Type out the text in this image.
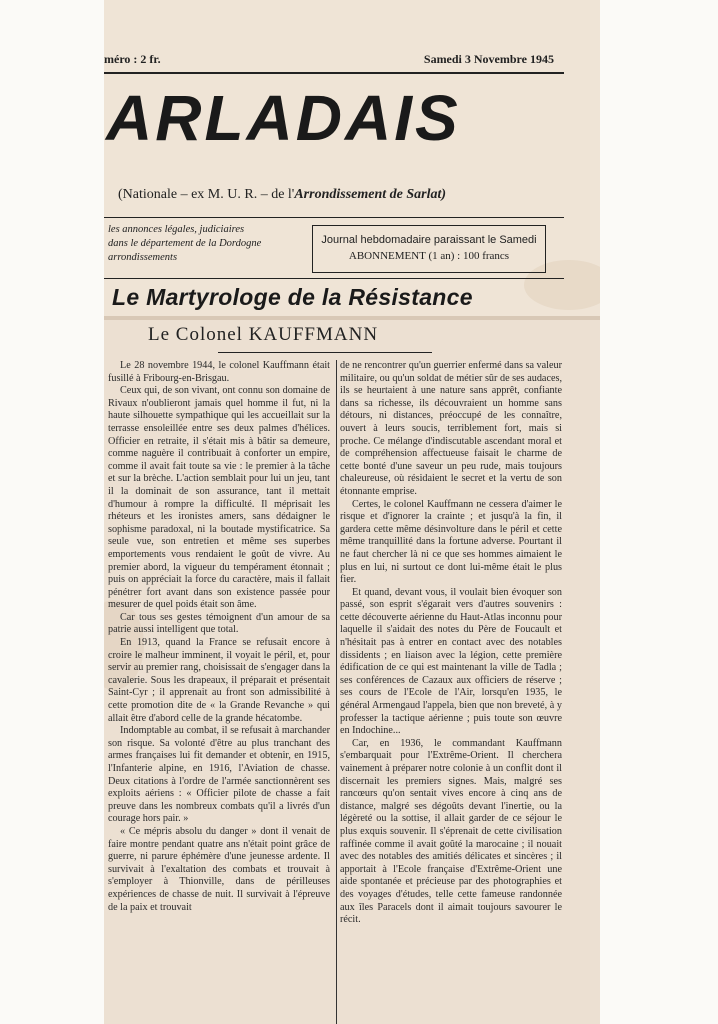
méro : 2 fr.	Samedi 3 Novembre 1945
ARLADAIS
(Nationale – ex M. U. R. – de l'Arrondissement de Sarlat)
les annonces légales, judiciaires
dans le département de la Dordogne
arrondissements
Journal hebdomadaire paraissant le Samedi
ABONNEMENT (1 an) : 100 francs
Le Martyrologe de la Résistance
Le Colonel KAUFFMANN

Le 28 novembre 1944, le colonel Kauffmann était fusillé à Fribourg-en-Brisgau.

Ceux qui, de son vivant, ont connu son domaine de Rivaux n'oublieront jamais quel homme il fut, ni la haute silhouette sympathique qui les accueillait sur la terrasse ensoleillée entre ses deux palmes d'hélices. Officier en retraite, il s'était mis à bâtir sa demeure, comme naguère il contribuait à conforter un empire, comme il avait fait toute sa vie : le premier à la tâche et sur la brèche. L'action semblait pour lui un jeu, tant il la dominait de son assurance, tant il mettait d'humour à rompre la difficulté. Il méprisait les rhéteurs et les ironistes amers, sans dédaigner le sophisme paradoxal, ni la boutade mystificatrice. Sa seule vue, son entretien et même ses superbes emportements vous rendaient le goût de vivre. Au premier abord, la vigueur du tempérament étonnait ; puis on appréciait la force du caractère, mais il fallait pénétrer fort avant dans son existence passée pour mesurer de quel poids était son âme.

Car tous ses gestes témoignent d'un amour de sa patrie aussi intelligent que total.

En 1913, quand la France se refusait encore à croire le malheur imminent, il voyait le péril, et, pour servir au premier rang, choisissait de s'engager dans la cavalerie. Sous les drapeaux, il préparait et présentait Saint-Cyr ; il apprenait au front son admissibilité à cette promotion dite de « la Grande Revanche » qui allait être d'abord celle de la grande hécatombe.

Indomptable au combat, il se refusait à marchander son risque. Sa volonté d'être au plus tranchant des armes françaises lui fit demander et obtenir, en 1915, l'Infanterie alpine, en 1916, l'Aviation de chasse. Deux citations à l'ordre de l'armée sanctionnèrent ses exploits aériens : « Officier pilote de chasse a fait preuve dans les nombreux combats qu'il a livrés d'un courage hors pair. »

« Ce mépris absolu du danger » dont il venait de faire montre pendant quatre ans n'était point grâce de guerre, ni parure éphémère d'une jeunesse ardente. Il survivait à l'exaltation des combats et trouvait à s'employer à Thionville, dans de périlleuses expériences de chasse de nuit. Il survivait à l'épreuve de la paix et trouvait

de ne rencontrer qu'un guerrier enfermé dans sa valeur militaire, ou qu'un soldat de métier sûr de ses audaces, ils se heurtaient à une nature sans apprêt, confiante dans sa richesse, ils découvraient un homme sans détours, ni distances, préoccupé de les connaître, ouvert à leurs soucis, terriblement fort, mais si proche. Ce mélange d'indiscutable ascendant moral et de compréhension affectueuse faisait le charme de cette bonté d'une saveur un peu rude, mais toujours chaleureuse, où résidaient le secret et la vertu de son étonnante emprise.

Certes, le colonel Kauffmann ne cessera d'aimer le risque et d'ignorer la crainte ; et jusqu'à la fin, il gardera cette même désinvolture dans le péril et cette même tranquillité dans la fortune adverse. Pourtant il ne faut chercher là ni ce que ses hommes aimaient le plus en lui, ni surtout ce dont lui-même était le plus fier.

Et quand, devant vous, il voulait bien évoquer son passé, son esprit s'égarait vers d'autres souvenirs : cette découverte aérienne du Haut-Atlas inconnu pour laquelle il s'aidait des notes du Père de Foucault et n'hésitait pas à entrer en contact avec des notables dissidents ; en liaison avec la légion, cette première édification de ce qui est maintenant la ville de Tadla ; ses conférences de Cazaux aux officiers de réserve ; ses cours de l'Ecole de l'Air, lorsqu'en 1935, le général Armengaud l'appela, bien que non breveté, à y professer la tactique aérienne ; puis toute son œuvre en Indochine...

Car, en 1936, le commandant Kauffmann s'embarquait pour l'Extrême-Orient. Il cherchera vainement à préparer notre colonie à un conflit dont il discernait les premiers signes. Mais, malgré ses rancœurs qu'on sentait vives encore à cinq ans de distance, malgré ses dégoûts devant l'inertie, ou la légèreté ou la sottise, il allait garder de ce séjour le plus exquis souvenir. Il s'éprenait de cette civilisation raffinée comme il avait goûté la marocaine ; il nouait avec des notables des amitiés délicates et sincères ; il apportait à l'Ecole française d'Extrême-Orient une aide spontanée et précieuse par des photographies et des voyages d'études, telle cette fameuse randonnée aux îles Paracels dont il aimait toujours savourer le récit.
